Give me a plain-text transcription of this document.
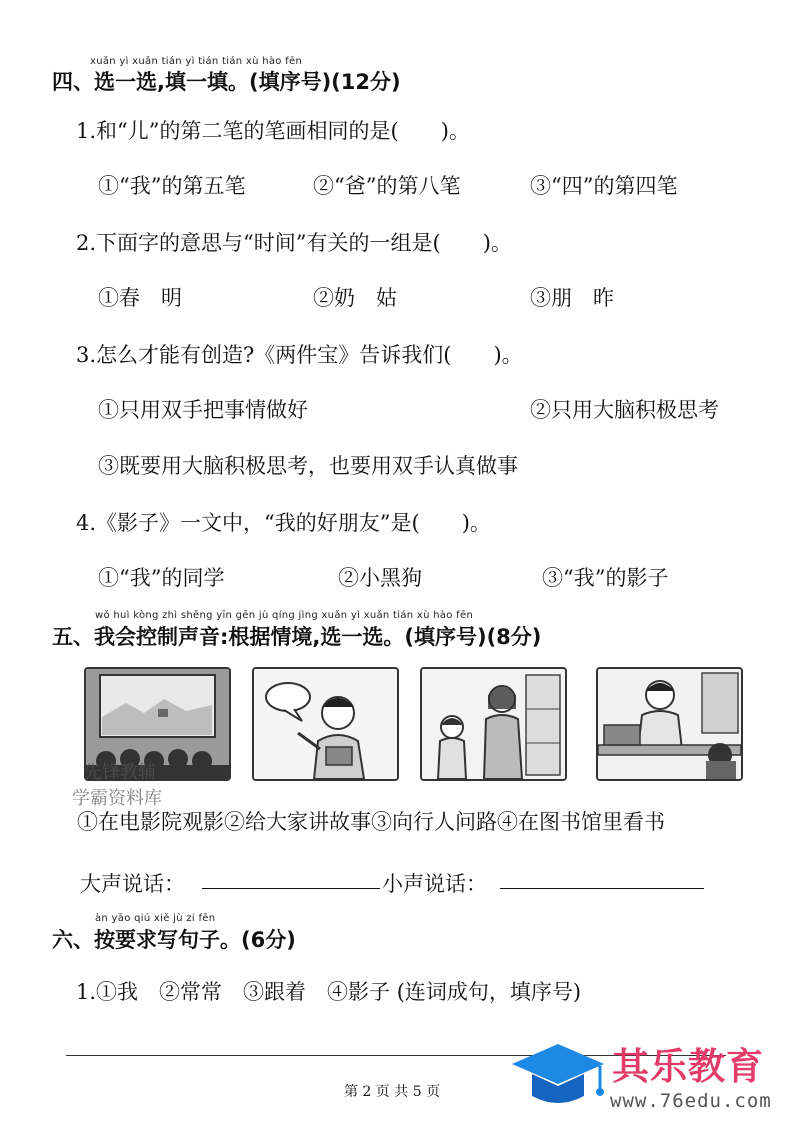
xuǎn yì xuǎn tián yì tián tián xù hào fēn
四、选一选,填一填。(填序号)(12分)
1.和“儿”的第二笔的笔画相同的是(　　)。
①“我”的第五笔	②“爸”的第八笔	③“四”的第四笔
2.下面字的意思与“时间”有关的一组是(　　)。
①春　明	②奶　姑	③朋　昨
3.怎么才能有创造?《两件宝》告诉我们(　　)。
①只用双手把事情做好	②只用大脑积极思考
③既要用大脑积极思考，也要用双手认真做事
4.《影子》一文中，“我的好朋友”是(　　)。
①“我”的同学	②小黑狗	③“我”的影子
wǒ huì kòng zhì shēng yīn gēn jù qíng jìng xuǎn yì xuǎn tián xù hào fēn
五、我会控制声音:根据情境,选一选。(填序号)(8分)
先锋教辅
学霸资料库
①在电影院观影②给大家讲故事③向行人问路④在图书馆里看书
大声说话：	小声说话：
àn yāo qiú xiě jù zi fēn
六、按要求写句子。(6分)
1.①我　②常常　③跟着　④影子 (连词成句，填序号)
第 2 页 共 5 页
其乐教育
www.76edu.com
